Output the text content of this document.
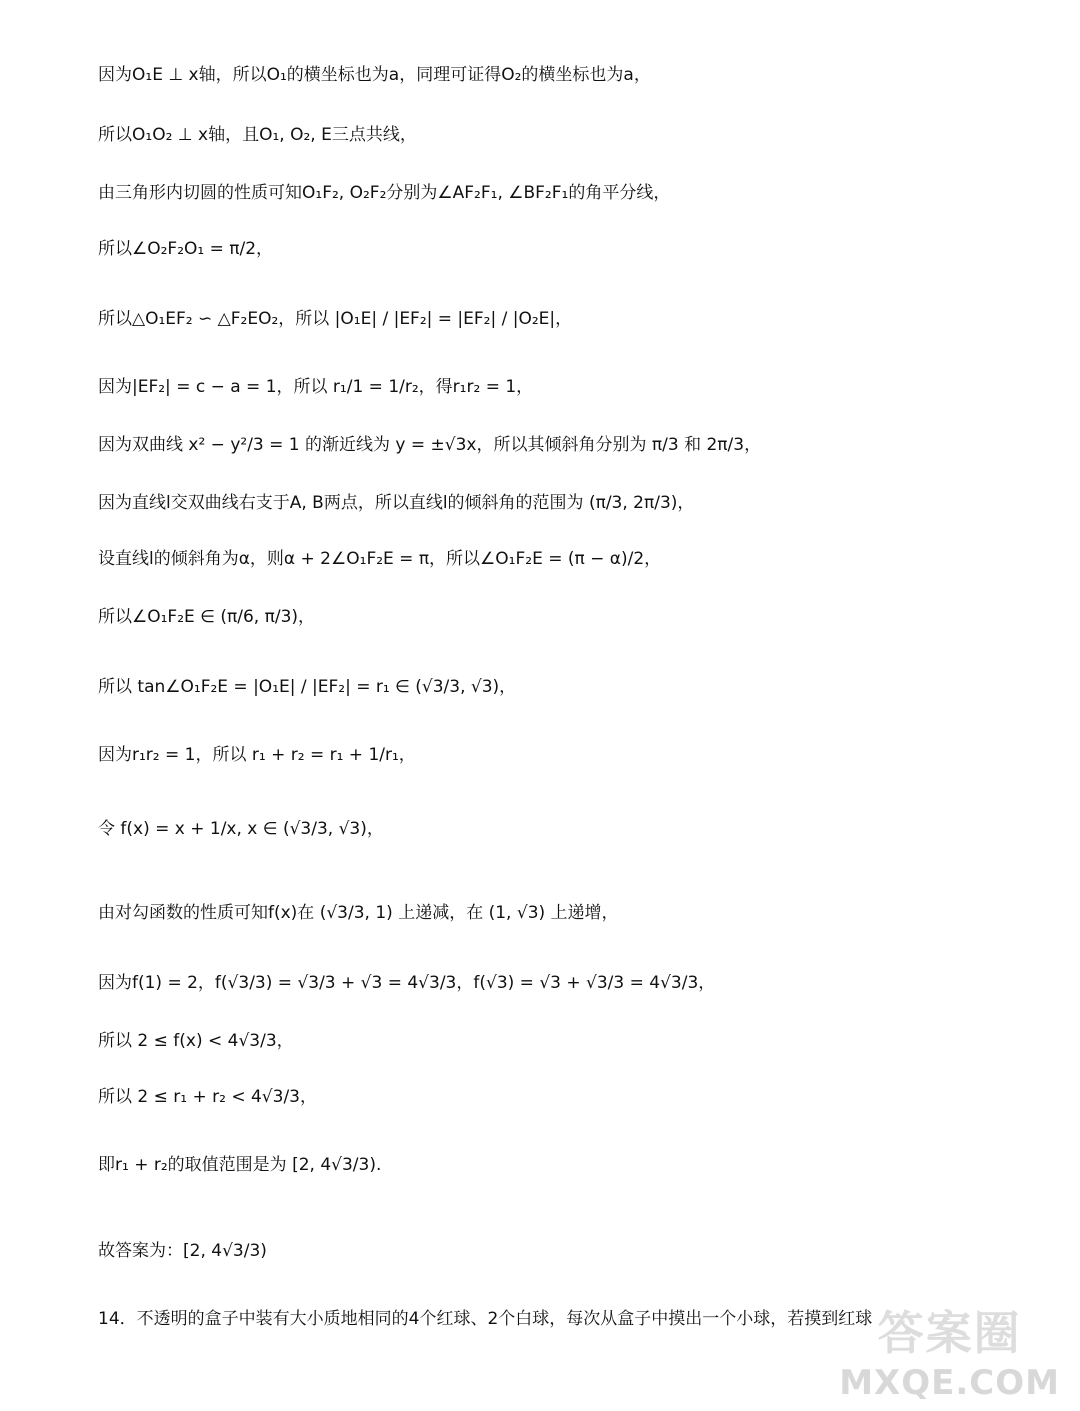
因为O₁E ⊥ x轴，所以O₁的横坐标也为a，同理可证得O₂的横坐标也为a，
所以O₁O₂ ⊥ x轴，且O₁, O₂, E三点共线，
由三角形内切圆的性质可知O₁F₂, O₂F₂分别为∠AF₂F₁, ∠BF₂F₁的角平分线，
所以∠O₂F₂O₁ = π/2，
所以△O₁EF₂ ∽ △F₂EO₂，所以 |O₁E| / |EF₂| = |EF₂| / |O₂E|，
因为|EF₂| = c − a = 1，所以 r₁/1 = 1/r₂，得r₁r₂ = 1，
因为双曲线 x² − y²/3 = 1 的渐近线为 y = ±√3x，所以其倾斜角分别为 π/3 和 2π/3，
因为直线l交双曲线右支于A, B两点，所以直线l的倾斜角的范围为 (π/3, 2π/3)，
设直线l的倾斜角为α，则α + 2∠O₁F₂E = π，所以∠O₁F₂E = (π − α)/2，
所以∠O₁F₂E ∈ (π/6, π/3)，
所以 tan∠O₁F₂E = |O₁E| / |EF₂| = r₁ ∈ (√3/3, √3)，
因为r₁r₂ = 1，所以 r₁ + r₂ = r₁ + 1/r₁，
令 f(x) = x + 1/x, x ∈ (√3/3, √3)，
由对勾函数的性质可知f(x)在 (√3/3, 1) 上递减，在 (1, √3) 上递增，
因为f(1) = 2，f(√3/3) = √3/3 + √3 = 4√3/3，f(√3) = √3 + √3/3 = 4√3/3，
所以 2 ≤ f(x) < 4√3/3，
所以 2 ≤ r₁ + r₂ < 4√3/3，
即r₁ + r₂的取值范围是为 [2, 4√3/3).
故答案为：[2, 4√3/3)
14．不透明的盒子中装有大小质地相同的4个红球、2个白球，每次从盒子中摸出一个小球，若摸到红球 答案圈
MXQE.COM
